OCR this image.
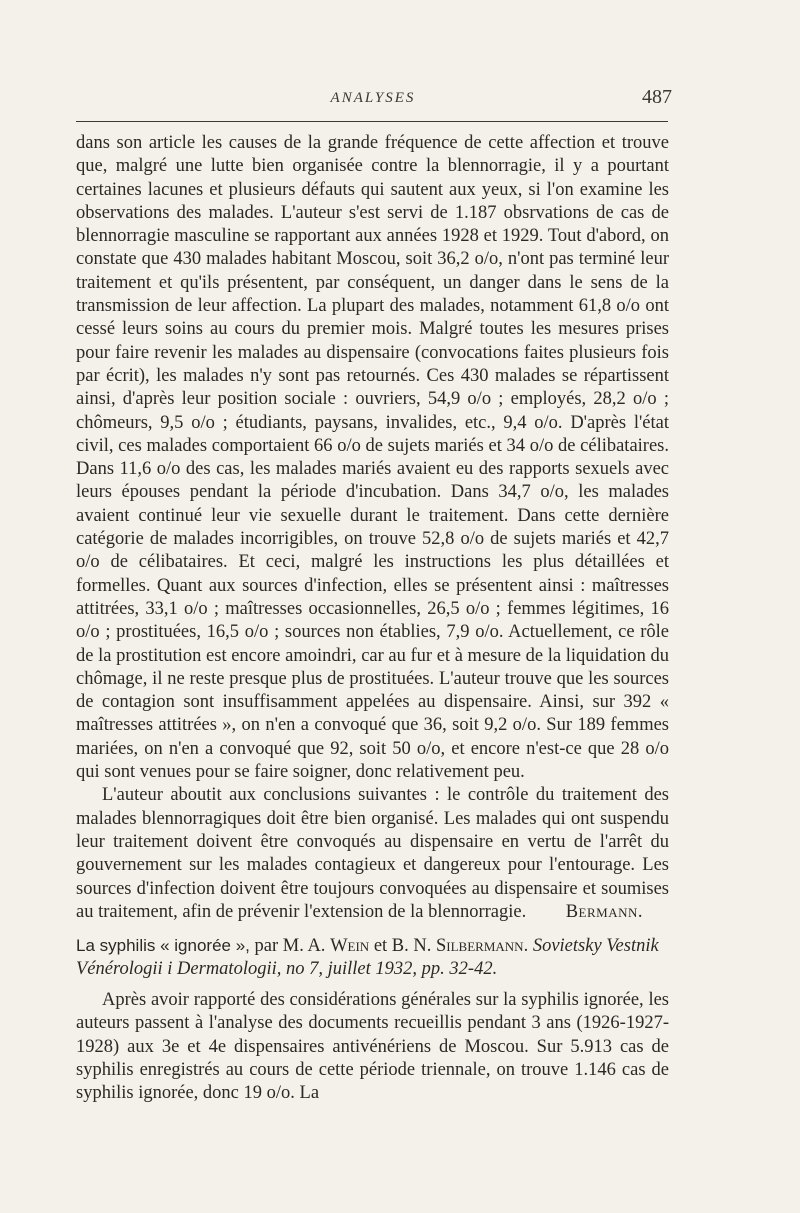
ANALYSES	487

dans son article les causes de la grande fréquence de cette affection et trouve que, malgré une lutte bien organisée contre la blennorragie, il y a pourtant certaines lacunes et plusieurs défauts qui sautent aux yeux, si l'on examine les observations des malades. L'auteur s'est servi de 1.187 obsrvations de cas de blennorragie masculine se rapportant aux années 1928 et 1929. Tout d'abord, on constate que 430 malades habitant Moscou, soit 36,2 o/o, n'ont pas terminé leur traitement et qu'ils présentent, par conséquent, un danger dans le sens de la transmission de leur affection. La plupart des malades, notamment 61,8 o/o ont cessé leurs soins au cours du premier mois. Malgré toutes les mesures prises pour faire revenir les malades au dispensaire (convocations faites plusieurs fois par écrit), les malades n'y sont pas retournés. Ces 430 malades se répartissent ainsi, d'après leur position sociale : ouvriers, 54,9 o/o ; employés, 28,2 o/o ; chômeurs, 9,5 o/o ; étudiants, paysans, invalides, etc., 9,4 o/o. D'après l'état civil, ces malades comportaient 66 o/o de sujets mariés et 34 o/o de célibataires. Dans 11,6 o/o des cas, les malades mariés avaient eu des rapports sexuels avec leurs épouses pendant la période d'incubation. Dans 34,7 o/o, les malades avaient continué leur vie sexuelle durant le traitement. Dans cette dernière catégorie de malades incorrigibles, on trouve 52,8 o/o de sujets mariés et 42,7 o/o de célibataires. Et ceci, malgré les instructions les plus détaillées et formelles. Quant aux sources d'infection, elles se présentent ainsi : maîtresses attitrées, 33,1 o/o ; maîtresses occasionnelles, 26,5 o/o ; femmes légitimes, 16 o/o ; prostituées, 16,5 o/o ; sources non établies, 7,9 o/o. Actuellement, ce rôle de la prostitution est encore amoindri, car au fur et à mesure de la liquidation du chômage, il ne reste presque plus de prostituées. L'auteur trouve que les sources de contagion sont insuffisamment appelées au dispensaire. Ainsi, sur 392 « maîtresses attitrées », on n'en a convoqué que 36, soit 9,2 o/o. Sur 189 femmes mariées, on n'en a convoqué que 92, soit 50 o/o, et encore n'est-ce que 28 o/o qui sont venues pour se faire soigner, donc relativement peu.

L'auteur aboutit aux conclusions suivantes : le contrôle du traitement des malades blennorragiques doit être bien organisé. Les malades qui ont suspendu leur traitement doivent être convoqués au dispensaire en vertu de l'arrêt du gouvernement sur les malades contagieux et dangereux pour l'entourage. Les sources d'infection doivent être toujours convoquées au dispensaire et soumises au traitement, afin de prévenir l'extension de la blennorragie.	Bermann.

La syphilis « ignorée », par M. A. Wein et B. N. Silbermann. Sovietsky Vestnik Vénérologii i Dermatologii, no 7, juillet 1932, pp. 32-42.

Après avoir rapporté des considérations générales sur la syphilis ignorée, les auteurs passent à l'analyse des documents recueillis pendant 3 ans (1926-1927-1928) aux 3e et 4e dispensaires antivénériens de Moscou. Sur 5.913 cas de syphilis enregistrés au cours de cette période triennale, on trouve 1.146 cas de syphilis ignorée, donc 19 o/o. La
